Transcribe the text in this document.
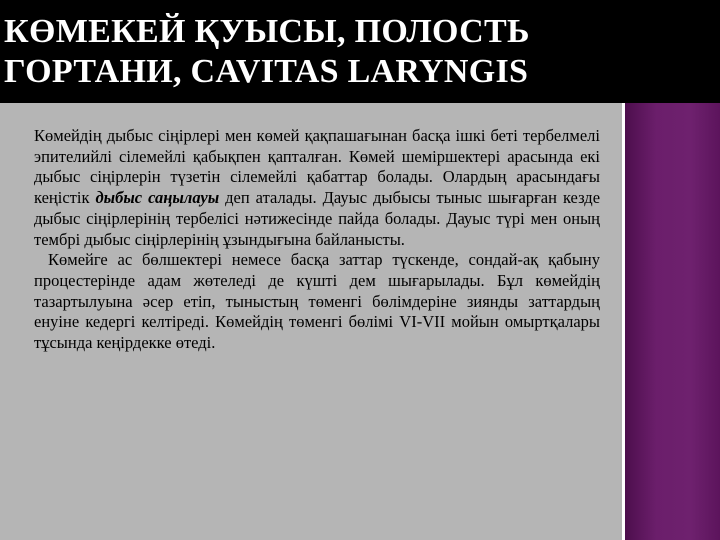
КӨМЕКЕЙ ҚУЫСЫ, ПОЛОСТЬ
ГОРТАНИ, CAVITAS LARYNGIS

Көмейдің дыбыс сіңірлері мен көмей қақпашағынан басқа ішкі беті тербелмелі эпителийлі сілемейлі қабықпен қапталған. Көмей шеміршектері арасында екі дыбыс сіңірлерін түзетін сілемейлі қабаттар болады. Олардың арасындағы кеңістік дыбыс саңылауы деп аталады. Дауыс дыбысы тыныс шығарған кезде дыбыс сіңірлерінің тербелісі нәтижесінде пайда болады. Дауыс түрі мен оның тембрі дыбыс сіңірлерінің ұзындығына байланысты.

Көмейге ас бөлшектері немесе басқа заттар түскенде, сондай-ақ қабыну процестерінде адам жөтеледі де күшті дем шығарылады. Бұл көмейдің тазартылуына әсер етіп, тыныстың төменгі бөлімдеріне зиянды заттардың енуіне кедергі келтіреді. Көмейдің төменгі бөлімі VI-VII мойын омыртқалары тұсында кеңірдекке өтеді.
